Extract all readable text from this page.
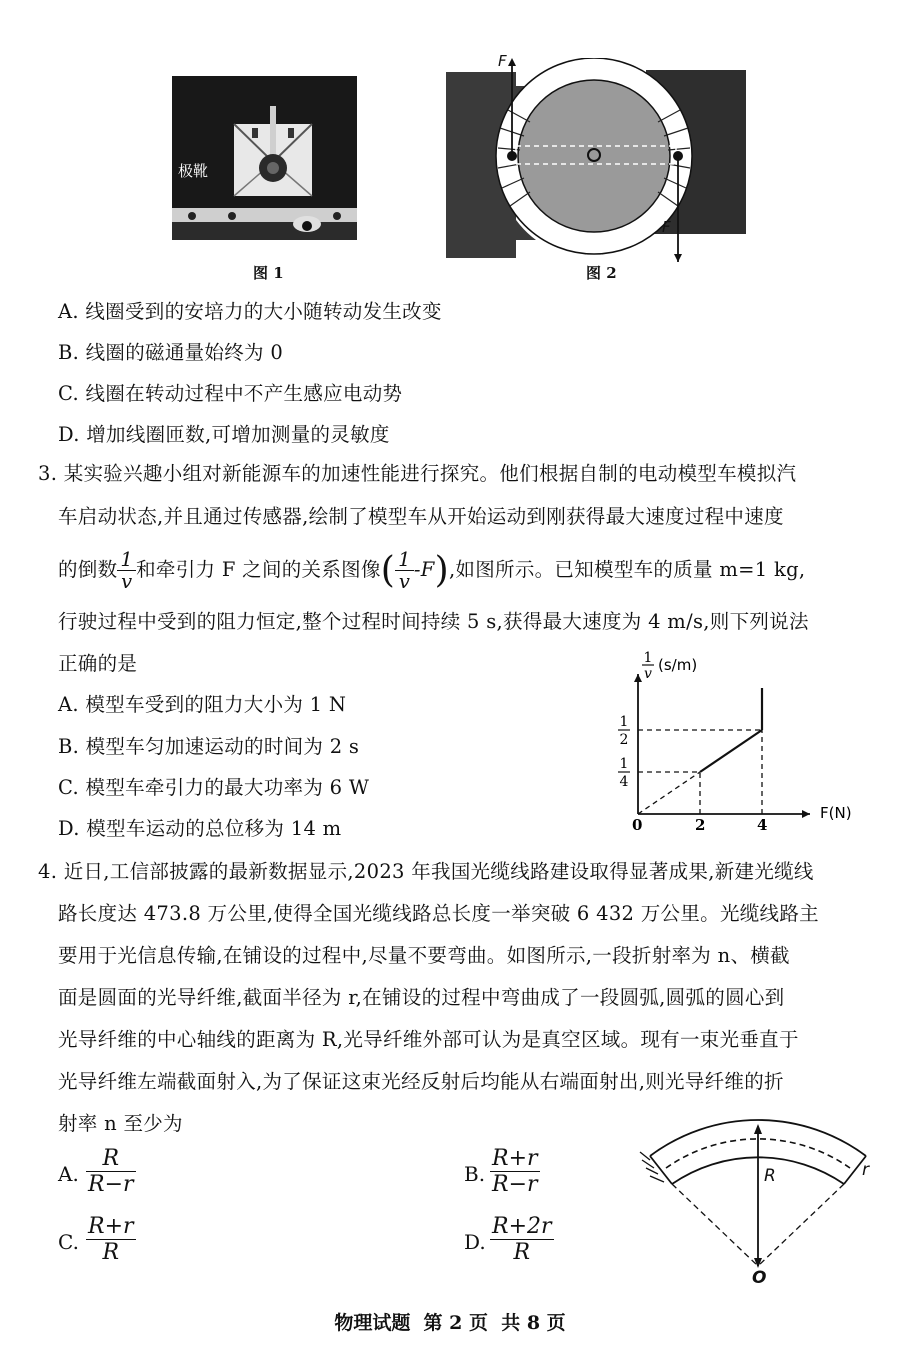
极靴
图 1
F
F
图 2
A. 线圈受到的安培力的大小随转动发生改变
B. 线圈的磁通量始终为 0
C. 线圈在转动过程中不产生感应电动势
D. 增加线圈匝数,可增加测量的灵敏度
3. 某实验兴趣小组对新能源车的加速性能进行探究。他们根据自制的电动模型车模拟汽
车启动状态,并且通过传感器,绘制了模型车从开始运动到刚获得最大速度过程中速度
的倒数 $\frac{1}{v}$ 和牵引力 F 之间的关系图像( $\frac{1}{v} -F$),如图所示。已知模型车的质量 m=1 kg,
行驶过程中受到的阻力恒定,整个过程时间持续 5 s,获得最大速度为 4 m/s,则下列说法
正确的是
A. 模型车受到的阻力大小为 1 N
B. 模型车匀加速运动的时间为 2 s
C. 模型车牵引力的最大功率为 6 W
D. 模型车运动的总位移为 14 m	0	2	4
F(N)
1
4
1
2
1
v (s/m)
4. 近日,工信部披露的最新数据显示,2023 年我国光缆线路建设取得显著成果,新建光缆线
路长度达 473.8 万公里,使得全国光缆线路总长度一举突破 6 432 万公里。光缆线路主
要用于光信息传输,在铺设的过程中,尽量不要弯曲。如图所示,一段折射率为 n、横截
面是圆面的光导纤维,截面半径为 r,在铺设的过程中弯曲成了一段圆弧,圆弧的圆心到
光导纤维的中心轴线的距离为 R,光导纤维外部可认为是真空区域。现有一束光垂直于
光导纤维左端截面射入,为了保证这束光经反射后均能从右端面射出,则光导纤维的折
射率 n 至少为
A. $\frac{R}{R-r}$	B. $\frac{R+r}{R-r}$
C. $\frac{R+r}{R}$	D. $\frac{R+2r}{R}$
R	r
O
物理试题  第 2 页  共 8 页
